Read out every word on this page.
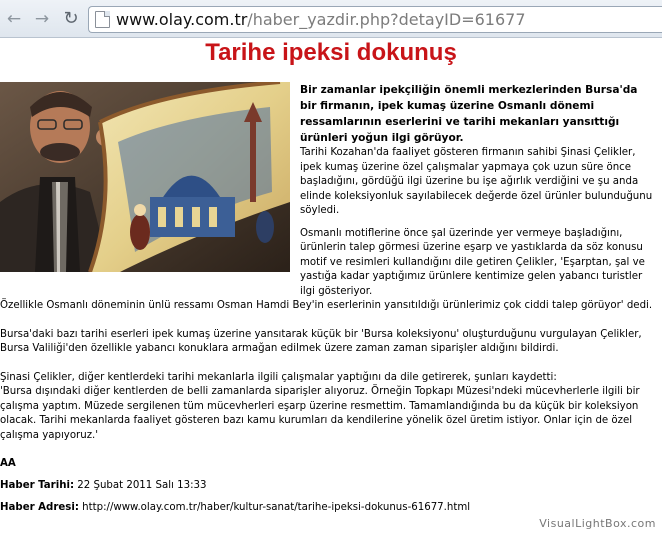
← → ↻ www.olay.com.tr /haber_yazdir.php?detayID=61677
Tarihe ipeksi dokunuş

Bir zamanlar ipekçiliğin önemli merkezlerinden Bursa'da bir firmanın, ipek kumaş üzerine Osmanlı dönemi ressamlarının eserlerini ve tarihi mekanları yansıttığı ürünleri yoğun ilgi görüyor.

Tarihi Kozahan'da faaliyet gösteren firmanın sahibi Şinasi Çelikler, ipek kumaş üzerine özel çalışmalar yapmaya çok uzun süre önce başladığını, gördüğü ilgi üzerine bu işe ağırlık verdiğini ve şu anda elinde koleksiyonluk sayılabilecek değerde özel ürünler bulunduğunu söyledi.

Osmanlı motiflerine önce şal üzerinde yer vermeye başladığını, ürünlerin talep görmesi üzerine eşarp ve yastıklarda da söz konusu motif ve resimleri kullandığını dile getiren Çelikler, 'Eşarptan, şal ve yastığa kadar yaptığımız ürünlere kentimize gelen yabancı turistler ilgi gösteriyor.

Özellikle Osmanlı döneminin ünlü ressamı Osman Hamdi Bey'in eserlerinin yansıtıldığı ürünlerimiz çok ciddi talep görüyor' dedi.

Bursa'daki bazı tarihi eserleri ipek kumaş üzerine yansıtarak küçük bir 'Bursa koleksiyonu' oluşturduğunu vurgulayan Çelikler, Bursa Valiliği'den özellikle yabancı konuklara armağan edilmek üzere zaman zaman siparişler aldığını bildirdi.

Şinasi Çelikler, diğer kentlerdeki tarihi mekanlarla ilgili çalışmalar yaptığını da dile getirerek, şunları kaydetti:

'Bursa dışındaki diğer kentlerden de belli zamanlarda siparişler alıyoruz. Örneğin Topkapı Müzesi'ndeki mücevherlerle ilgili bir çalışma yaptım. Müzede sergilenen tüm mücevherleri eşarp üzerine resmettim. Tamamlandığında bu da küçük bir koleksiyon olacak. Tarihi mekanlarda faaliyet gösteren bazı kamu kurumları da kendilerine yönelik özel üretim istiyor. Onlar için de özel çalışma yapıyoruz.'

AA

Haber Tarihi: 22 Şubat 2011 Salı 13:33

Haber Adresi: http://www.olay.com.tr/haber/kultur-sanat/tarihe-ipeksi-dokunus-61677.html

VisualLightBox.com
